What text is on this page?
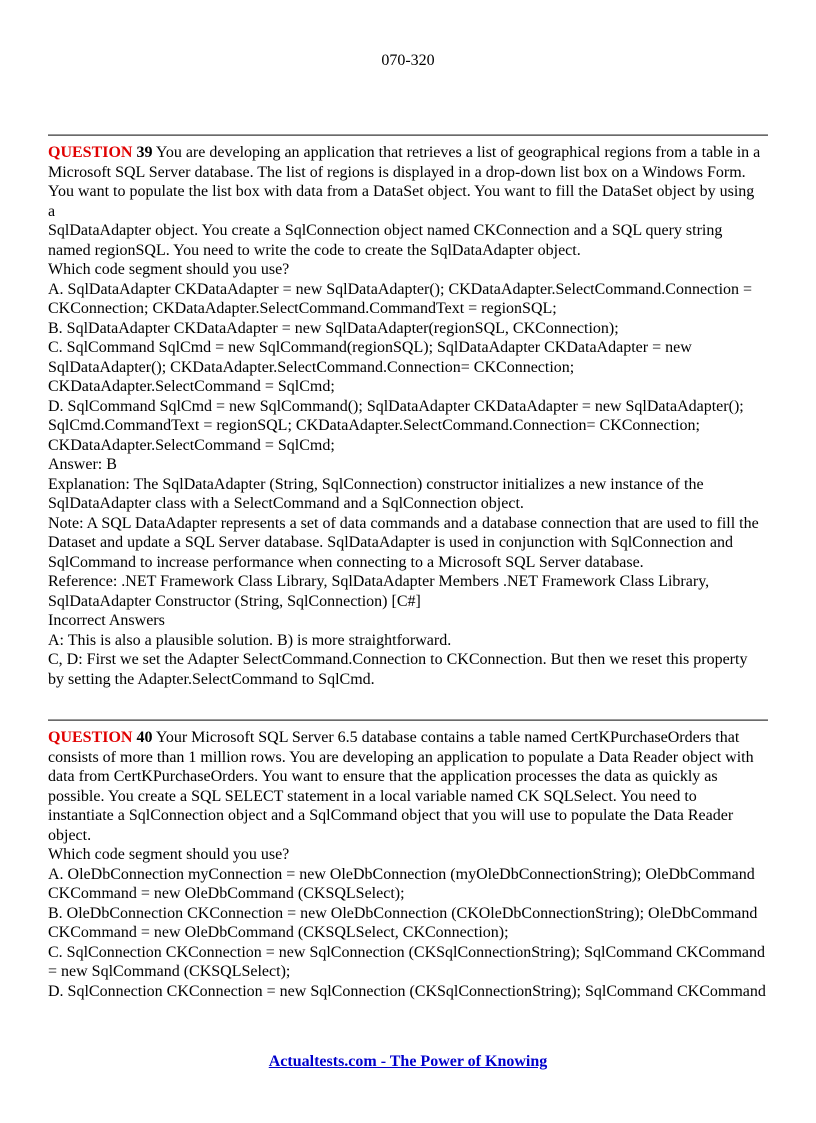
070-320
QUESTION 39 You are developing an application that retrieves a list of geographical regions from a table in a
Microsoft SQL Server database. The list of regions is displayed in a drop-down list box on a Windows Form.
You want to populate the list box with data from a DataSet object. You want to fill the DataSet object by using
a
SqlDataAdapter object. You create a SqlConnection object named CKConnection and a SQL query string
named regionSQL. You need to write the code to create the SqlDataAdapter object.
Which code segment should you use?
A. SqlDataAdapter CKDataAdapter = new SqlDataAdapter(); CKDataAdapter.SelectCommand.Connection =
CKConnection; CKDataAdapter.SelectCommand.CommandText = regionSQL;
B. SqlDataAdapter CKDataAdapter = new SqlDataAdapter(regionSQL, CKConnection);
C. SqlCommand SqlCmd = new SqlCommand(regionSQL); SqlDataAdapter CKDataAdapter = new
SqlDataAdapter(); CKDataAdapter.SelectCommand.Connection= CKConnection;
CKDataAdapter.SelectCommand = SqlCmd;
D. SqlCommand SqlCmd = new SqlCommand(); SqlDataAdapter CKDataAdapter = new SqlDataAdapter();
SqlCmd.CommandText = regionSQL; CKDataAdapter.SelectCommand.Connection= CKConnection;
CKDataAdapter.SelectCommand = SqlCmd;
Answer: B
Explanation: The SqlDataAdapter (String, SqlConnection) constructor initializes a new instance of the
SqlDataAdapter class with a SelectCommand and a SqlConnection object.
Note: A SQL DataAdapter represents a set of data commands and a database connection that are used to fill the
Dataset and update a SQL Server database. SqlDataAdapter is used in conjunction with SqlConnection and
SqlCommand to increase performance when connecting to a Microsoft SQL Server database.
Reference: .NET Framework Class Library, SqlDataAdapter Members .NET Framework Class Library,
SqlDataAdapter Constructor (String, SqlConnection) [C#]
Incorrect Answers
A: This is also a plausible solution. B) is more straightforward.
C, D: First we set the Adapter SelectCommand.Connection to CKConnection. But then we reset this property
by setting the Adapter.SelectCommand to SqlCmd.
QUESTION 40 Your Microsoft SQL Server 6.5 database contains a table named CertKPurchaseOrders that
consists of more than 1 million rows. You are developing an application to populate a Data Reader object with
data from CertKPurchaseOrders. You want to ensure that the application processes the data as quickly as
possible. You create a SQL SELECT statement in a local variable named CK SQLSelect. You need to
instantiate a SqlConnection object and a SqlCommand object that you will use to populate the Data Reader
object.
Which code segment should you use?
A. OleDbConnection myConnection = new OleDbConnection (myOleDbConnectionString); OleDbCommand
CKCommand = new OleDbCommand (CKSQLSelect);
B. OleDbConnection CKConnection = new OleDbConnection (CKOleDbConnectionString); OleDbCommand
CKCommand = new OleDbCommand (CKSQLSelect, CKConnection);
C. SqlConnection CKConnection = new SqlConnection (CKSqlConnectionString); SqlCommand CKCommand
= new SqlCommand (CKSQLSelect);
D. SqlConnection CKConnection = new SqlConnection (CKSqlConnectionString); SqlCommand CKCommand
Actualtests.com - The Power of Knowing
